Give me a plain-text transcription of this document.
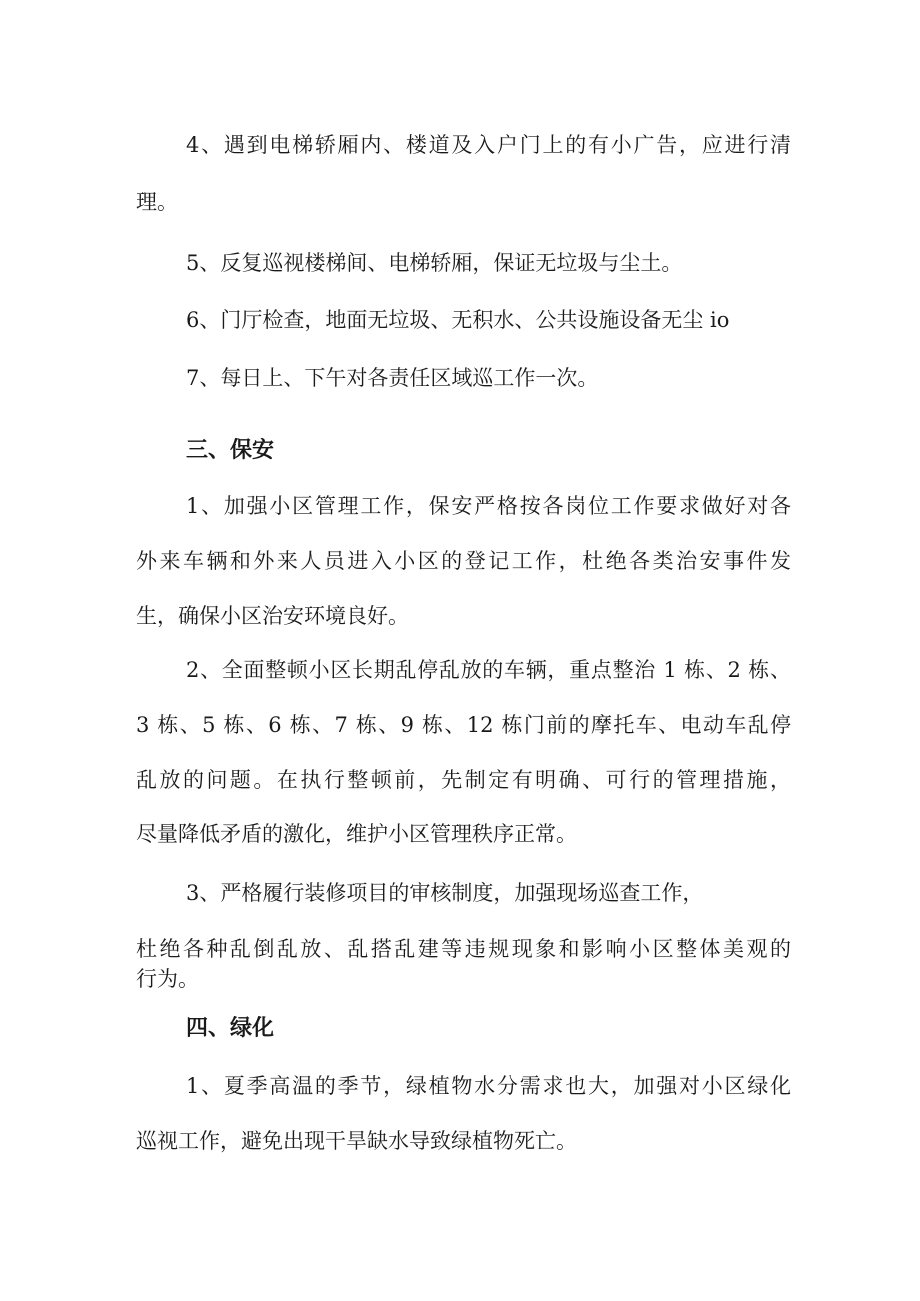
4、遇到电梯轿厢内、楼道及入户门上的有小广告，应进行清
理。
5、反复巡视楼梯间、电梯轿厢，保证无垃圾与尘土。
6、门厅检查，地面无垃圾、无积水、公共设施设备无尘 io
7、每日上、下午对各责任区域巡工作一次。
三、保安
1、加强小区管理工作，保安严格按各岗位工作要求做好对各
外来车辆和外来人员进入小区的登记工作，杜绝各类治安事件发
生，确保小区治安环境良好。
2、全面整顿小区长期乱停乱放的车辆，重点整治 1 栋、2 栋、
3 栋、5 栋、6 栋、7 栋、9 栋、12 栋门前的摩托车、电动车乱停
乱放的问题。在执行整顿前，先制定有明确、可行的管理措施，
尽量降低矛盾的激化，维护小区管理秩序正常。
3、严格履行装修项目的审核制度，加强现场巡查工作，
杜绝各种乱倒乱放、乱搭乱建等违规现象和影响小区整体美观的
行为。
四、绿化
1、夏季高温的季节，绿植物水分需求也大，加强对小区绿化
巡视工作，避免出现干旱缺水导致绿植物死亡。
